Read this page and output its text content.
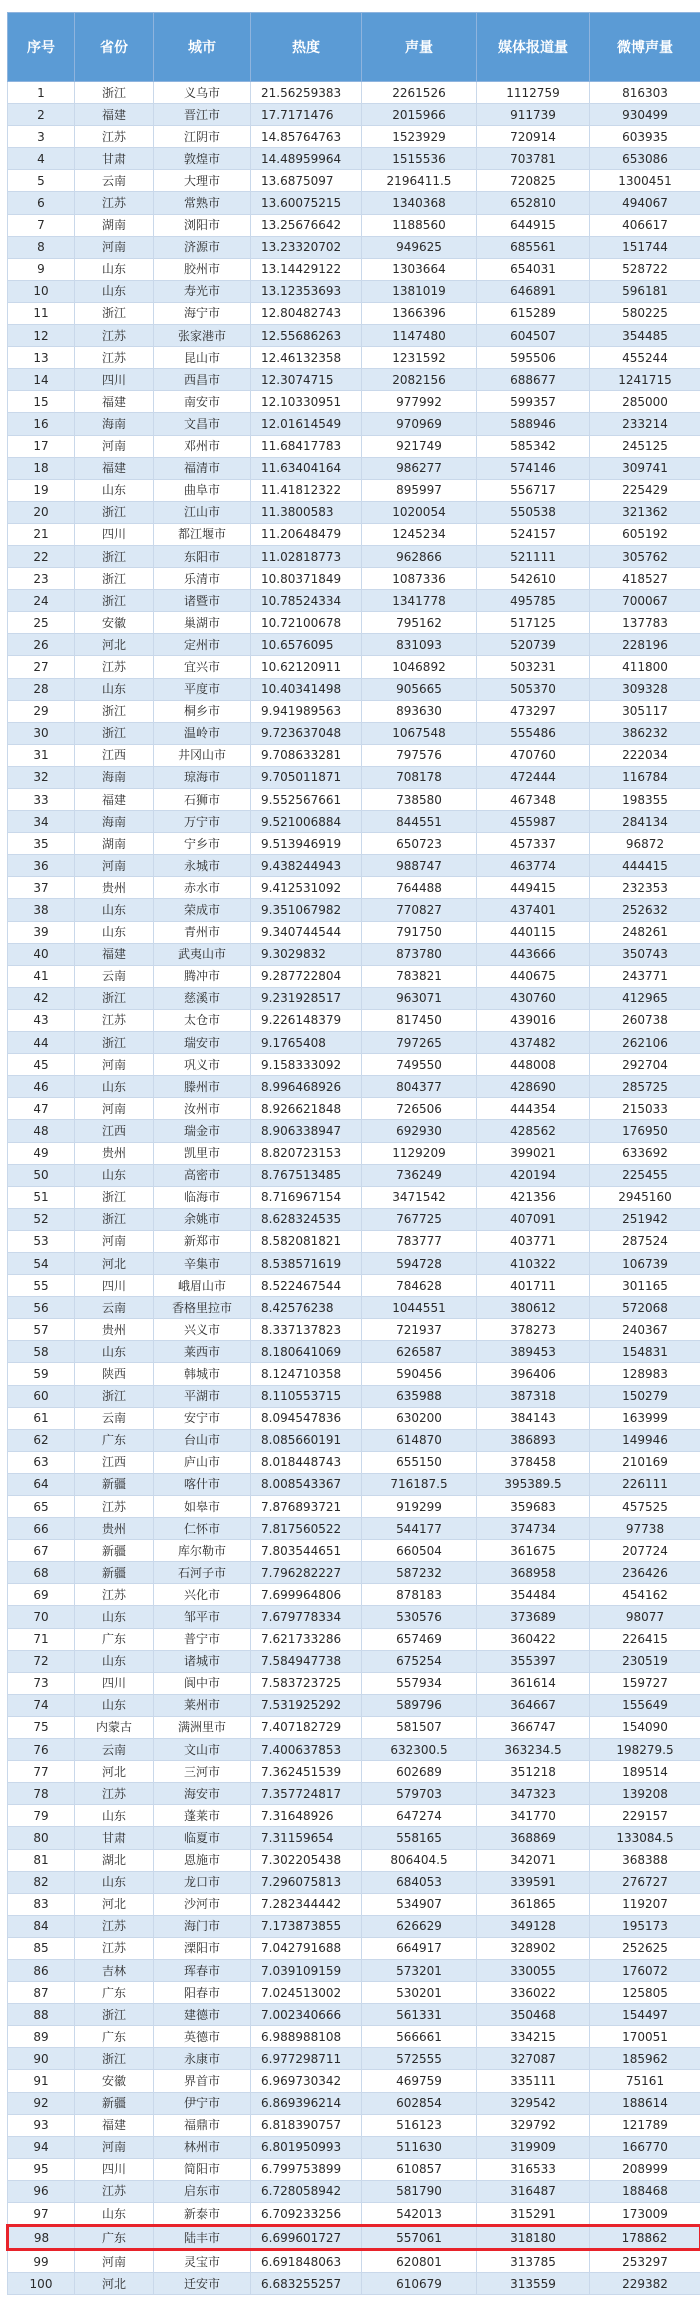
序号	省份	城市	热度	声量	媒体报道量	微博声量
1	浙江	义乌市	21.56259383	2261526	1112759	816303
2	福建	晋江市	17.7171476	2015966	911739	930499
3	江苏	江阴市	14.85764763	1523929	720914	603935
4	甘肃	敦煌市	14.48959964	1515536	703781	653086
5	云南	大理市	13.6875097	2196411.5	720825	1300451
6	江苏	常熟市	13.60075215	1340368	652810	494067
7	湖南	浏阳市	13.25676642	1188560	644915	406617
8	河南	济源市	13.23320702	949625	685561	151744
9	山东	胶州市	13.14429122	1303664	654031	528722
10	山东	寿光市	13.12353693	1381019	646891	596181
11	浙江	海宁市	12.80482743	1366396	615289	580225
12	江苏	张家港市	12.55686263	1147480	604507	354485
13	江苏	昆山市	12.46132358	1231592	595506	455244
14	四川	西昌市	12.3074715	2082156	688677	1241715
15	福建	南安市	12.10330951	977992	599357	285000
16	海南	文昌市	12.01614549	970969	588946	233214
17	河南	邓州市	11.68417783	921749	585342	245125
18	福建	福清市	11.63404164	986277	574146	309741
19	山东	曲阜市	11.41812322	895997	556717	225429
20	浙江	江山市	11.3800583	1020054	550538	321362
21	四川	都江堰市	11.20648479	1245234	524157	605192
22	浙江	东阳市	11.02818773	962866	521111	305762
23	浙江	乐清市	10.80371849	1087336	542610	418527
24	浙江	诸暨市	10.78524334	1341778	495785	700067
25	安徽	巢湖市	10.72100678	795162	517125	137783
26	河北	定州市	10.6576095	831093	520739	228196
27	江苏	宜兴市	10.62120911	1046892	503231	411800
28	山东	平度市	10.40341498	905665	505370	309328
29	浙江	桐乡市	9.941989563	893630	473297	305117
30	浙江	温岭市	9.723637048	1067548	555486	386232
31	江西	井冈山市	9.708633281	797576	470760	222034
32	海南	琼海市	9.705011871	708178	472444	116784
33	福建	石狮市	9.552567661	738580	467348	198355
34	海南	万宁市	9.521006884	844551	455987	284134
35	湖南	宁乡市	9.513946919	650723	457337	96872
36	河南	永城市	9.438244943	988747	463774	444415
37	贵州	赤水市	9.412531092	764488	449415	232353
38	山东	荣成市	9.351067982	770827	437401	252632
39	山东	青州市	9.340744544	791750	440115	248261
40	福建	武夷山市	9.3029832	873780	443666	350743
41	云南	腾冲市	9.287722804	783821	440675	243771
42	浙江	慈溪市	9.231928517	963071	430760	412965
43	江苏	太仓市	9.226148379	817450	439016	260738
44	浙江	瑞安市	9.1765408	797265	437482	262106
45	河南	巩义市	9.158333092	749550	448008	292704
46	山东	滕州市	8.996468926	804377	428690	285725
47	河南	汝州市	8.926621848	726506	444354	215033
48	江西	瑞金市	8.906338947	692930	428562	176950
49	贵州	凯里市	8.820723153	1129209	399021	633692
50	山东	高密市	8.767513485	736249	420194	225455
51	浙江	临海市	8.716967154	3471542	421356	2945160
52	浙江	余姚市	8.628324535	767725	407091	251942
53	河南	新郑市	8.582081821	783777	403771	287524
54	河北	辛集市	8.538571619	594728	410322	106739
55	四川	峨眉山市	8.522467544	784628	401711	301165
56	云南	香格里拉市	8.42576238	1044551	380612	572068
57	贵州	兴义市	8.337137823	721937	378273	240367
58	山东	莱西市	8.180641069	626587	389453	154831
59	陕西	韩城市	8.124710358	590456	396406	128983
60	浙江	平湖市	8.110553715	635988	387318	150279
61	云南	安宁市	8.094547836	630200	384143	163999
62	广东	台山市	8.085660191	614870	386893	149946
63	江西	庐山市	8.018448743	655150	378458	210169
64	新疆	喀什市	8.008543367	716187.5	395389.5	226111
65	江苏	如皋市	7.876893721	919299	359683	457525
66	贵州	仁怀市	7.817560522	544177	374734	97738
67	新疆	库尔勒市	7.803544651	660504	361675	207724
68	新疆	石河子市	7.796282227	587232	368958	236426
69	江苏	兴化市	7.699964806	878183	354484	454162
70	山东	邹平市	7.679778334	530576	373689	98077
71	广东	普宁市	7.621733286	657469	360422	226415
72	山东	诸城市	7.584947738	675254	355397	230519
73	四川	阆中市	7.583723725	557934	361614	159727
74	山东	莱州市	7.531925292	589796	364667	155649
75	内蒙古	满洲里市	7.407182729	581507	366747	154090
76	云南	文山市	7.400637853	632300.5	363234.5	198279.5
77	河北	三河市	7.362451539	602689	351218	189514
78	江苏	海安市	7.357724817	579703	347323	139208
79	山东	蓬莱市	7.31648926	647274	341770	229157
80	甘肃	临夏市	7.31159654	558165	368869	133084.5
81	湖北	恩施市	7.302205438	806404.5	342071	368388
82	山东	龙口市	7.296075813	684053	339591	276727
83	河北	沙河市	7.282344442	534907	361865	119207
84	江苏	海门市	7.173873855	626629	349128	195173
85	江苏	溧阳市	7.042791688	664917	328902	252625
86	吉林	珲春市	7.039109159	573201	330055	176072
87	广东	阳春市	7.024513002	530201	336022	125805
88	浙江	建德市	7.002340666	561331	350468	154497
89	广东	英德市	6.988988108	566661	334215	170051
90	浙江	永康市	6.977298711	572555	327087	185962
91	安徽	界首市	6.969730342	469759	335111	75161
92	新疆	伊宁市	6.869396214	602854	329542	188614
93	福建	福鼎市	6.818390757	516123	329792	121789
94	河南	林州市	6.801950993	511630	319909	166770
95	四川	简阳市	6.799753899	610857	316533	208999
96	江苏	启东市	6.728058942	581790	316487	188468
97	山东	新泰市	6.709233256	542013	315291	173009
98	广东	陆丰市	6.699601727	557061	318180	178862
99	河南	灵宝市	6.691848063	620801	313785	253297
100	河北	迁安市	6.683255257	610679	313559	229382
